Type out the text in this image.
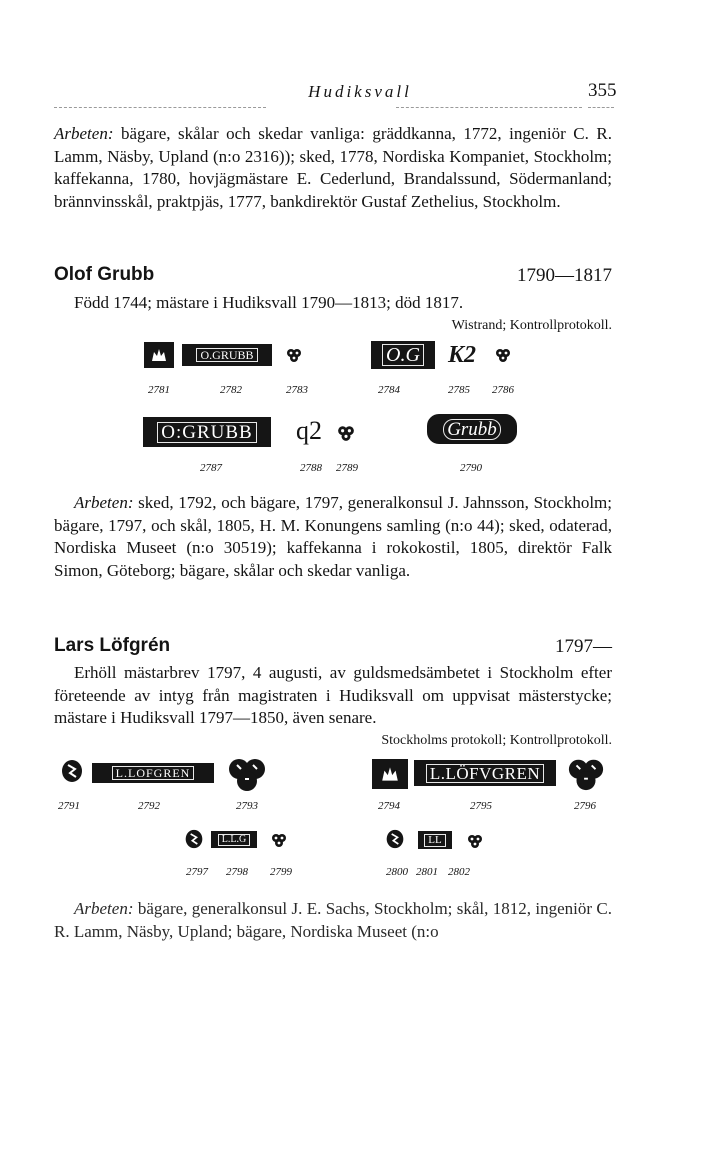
Hudiksvall	355

Arbeten: bägare, skålar och skedar vanliga: gräddkanna, 1772, ingeniör C. R. Lamm, Näsby, Upland (n:o 2316)); sked, 1778, Nordiska Kompaniet, Stockholm; kaffekanna, 1780, hovjägmästare E. Cederlund, Brandalssund, Södermanland; brännvinsskål, praktpjäs, 1777, bankdirektör Gustaf Zethelius, Stockholm.

Olof Grubb	1790—1817

Född 1744; mästare i Hudiksvall 1790—1813; död 1817.

Wistrand; Kontrollprotokoll.
O.GRUBB	O.G	K2
2781	2782	2783	2784	2785 2786
O:GRUBB	q2	Grubb
2787	2788 2789	2790

Arbeten: sked, 1792, och bägare, 1797, generalkonsul J. Jahnsson, Stockholm; bägare, 1797, och skål, 1805, H. M. Konungens samling (n:o 44); sked, odaterad, Nordiska Museet (n:o 30519); kaffekanna i rokokostil, 1805, direktör Falk Simon, Göteborg; bägare, skålar och skedar vanliga.

Lars Löfgrén	1797—

Erhöll mästarbrev 1797, 4 augusti, av guldsmedsämbetet i Stockholm efter företeende av intyg från magistraten i Hudiksvall om uppvisat mästerstycke; mästare i Hudiksvall 1797—1850, även senare.

Stockholms protokoll; Kontrollprotokoll.
L.LOFGREN	L.LÖFVGREN
2791	2792	2793	2794	2795	2796
L.L.G	LL
2797 2798 2799	2800 2801 2802

Arbeten: bägare, generalkonsul J. E. Sachs, Stockholm; skål, 1812, ingeniör C. R. Lamm, Näsby, Upland; bägare, Nordiska Museet (n:o
